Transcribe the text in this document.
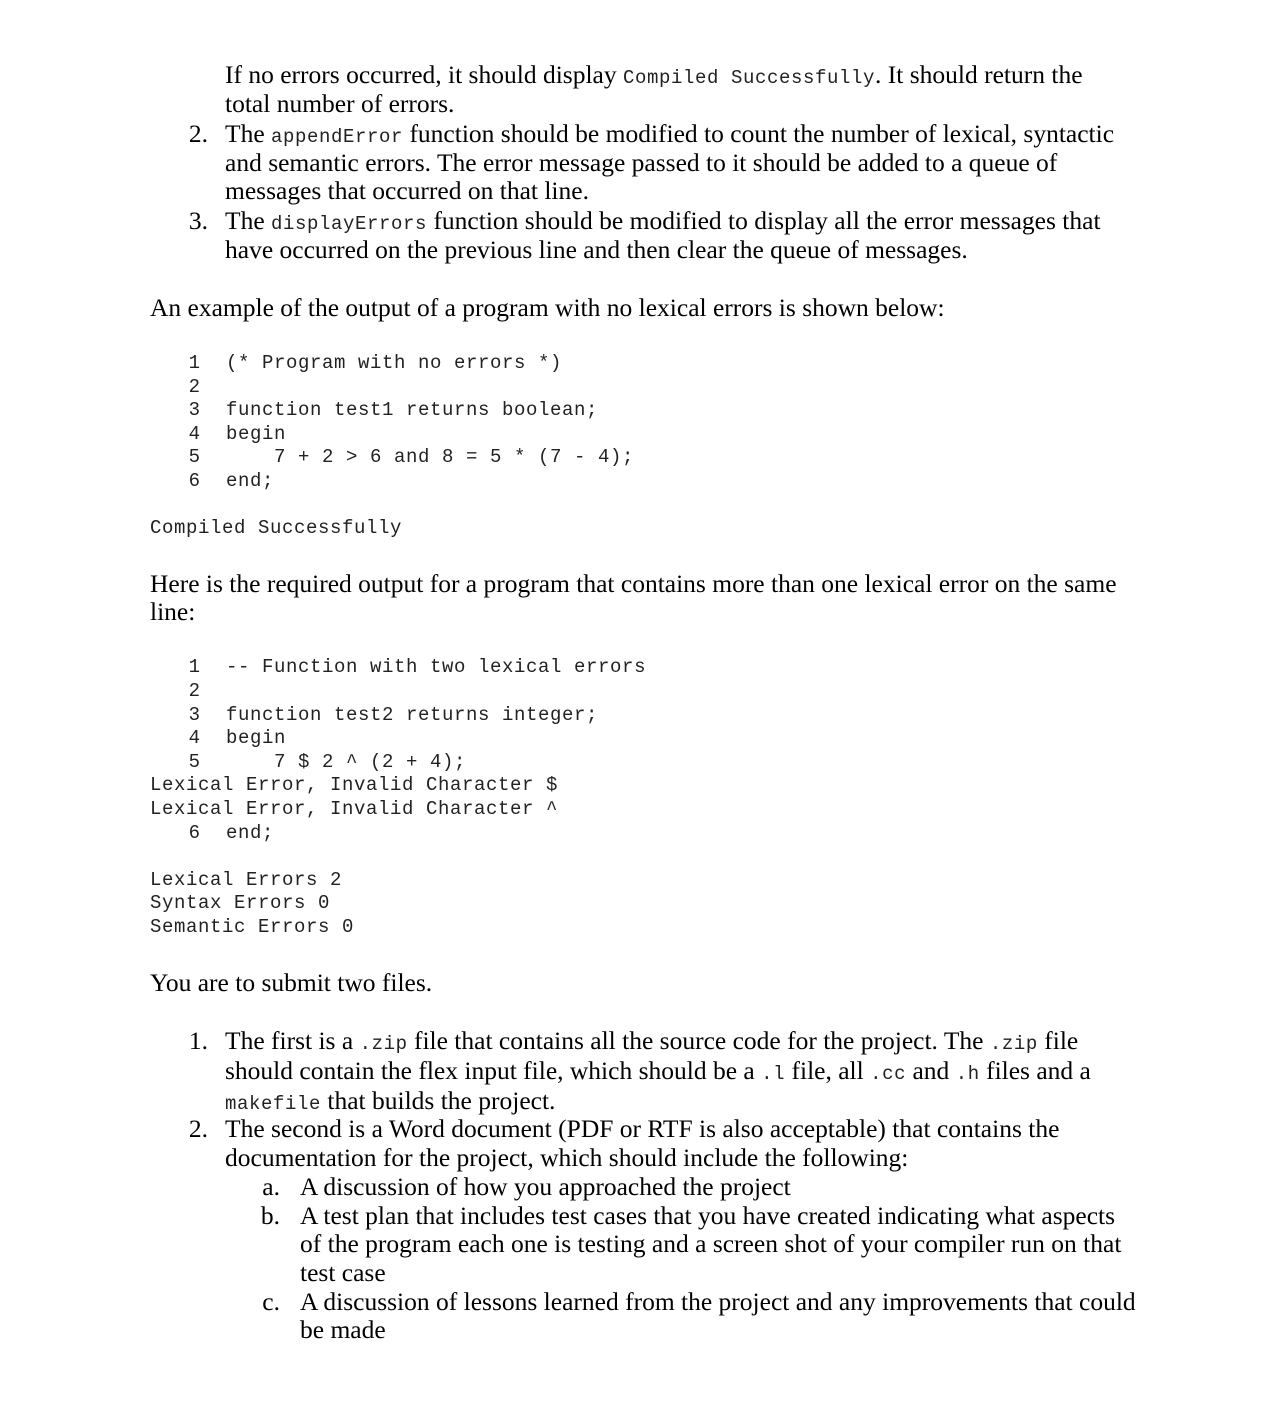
If no errors occurred, it should display Compiled Successfully. It should return the
total number of errors.
2. The appendError function should be modified to count the number of lexical, syntactic
and semantic errors. The error message passed to it should be added to a queue of
messages that occurred on that line.
3. The displayErrors function should be modified to display all the error messages that
have occurred on the previous line and then clear the queue of messages.
An example of the output of a program with no lexical errors is shown below:
1 (* Program with no errors *)
2
3 function test1 returns boolean;
4 begin
5 7 + 2 > 6 and 8 = 5 * (7 - 4);
6 end;
Compiled Successfully
Here is the required output for a program that contains more than one lexical error on the same
line:
1 -- Function with two lexical errors
2
3 function test2 returns integer;
4 begin
5 7 $ 2 ^ (2 + 4);
Lexical Error, Invalid Character $
Lexical Error, Invalid Character ^
6 end;
Lexical Errors 2
Syntax Errors 0
Semantic Errors 0
You are to submit two files.
1. The first is a .zip file that contains all the source code for the project. The .zip file
should contain the flex input file, which should be a .l file, all .cc and .h files and a
makefile that builds the project.
2. The second is a Word document (PDF or RTF is also acceptable) that contains the
documentation for the project, which should include the following:
a. A discussion of how you approached the project
b. A test plan that includes test cases that you have created indicating what aspects
of the program each one is testing and a screen shot of your compiler run on that
test case
c. A discussion of lessons learned from the project and any improvements that could
be made
